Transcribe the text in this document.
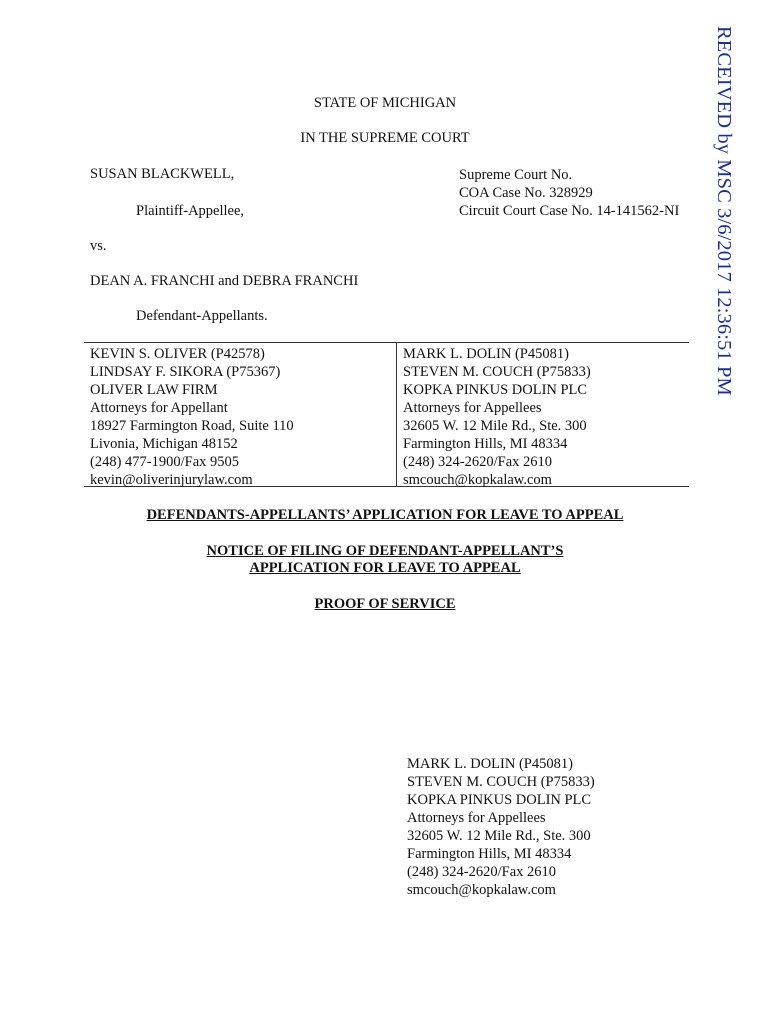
RECEIVED by MSC 3/6/2017 12:36:51 PM
STATE OF MICHIGAN
IN THE SUPREME COURT
SUSAN BLACKWELL,
Plaintiff-Appellee,
vs.
DEAN A. FRANCHI and DEBRA FRANCHI
Defendant-Appellants.
Supreme Court No.
COA Case No. 328929
Circuit Court Case No. 14-141562-NI
KEVIN S. OLIVER (P42578)
LINDSAY F. SIKORA (P75367)
OLIVER LAW FIRM
Attorneys for Appellant
18927 Farmington Road, Suite 110
Livonia, Michigan 48152
(248) 477-1900/Fax 9505
kevin@oliverinjurylaw.com
MARK L. DOLIN (P45081)
STEVEN M. COUCH (P75833)
KOPKA PINKUS DOLIN PLC
Attorneys for Appellees
32605 W. 12 Mile Rd., Ste. 300
Farmington Hills, MI 48334
(248) 324-2620/Fax 2610
smcouch@kopkalaw.com
DEFENDANTS-APPELLANTS’ APPLICATION FOR LEAVE TO APPEAL
NOTICE OF FILING OF DEFENDANT-APPELLANT’S
APPLICATION FOR LEAVE TO APPEAL
PROOF OF SERVICE
MARK L. DOLIN (P45081)
STEVEN M. COUCH (P75833)
KOPKA PINKUS DOLIN PLC
Attorneys for Appellees
32605 W. 12 Mile Rd., Ste. 300
Farmington Hills, MI 48334
(248) 324-2620/Fax 2610
smcouch@kopkalaw.com
